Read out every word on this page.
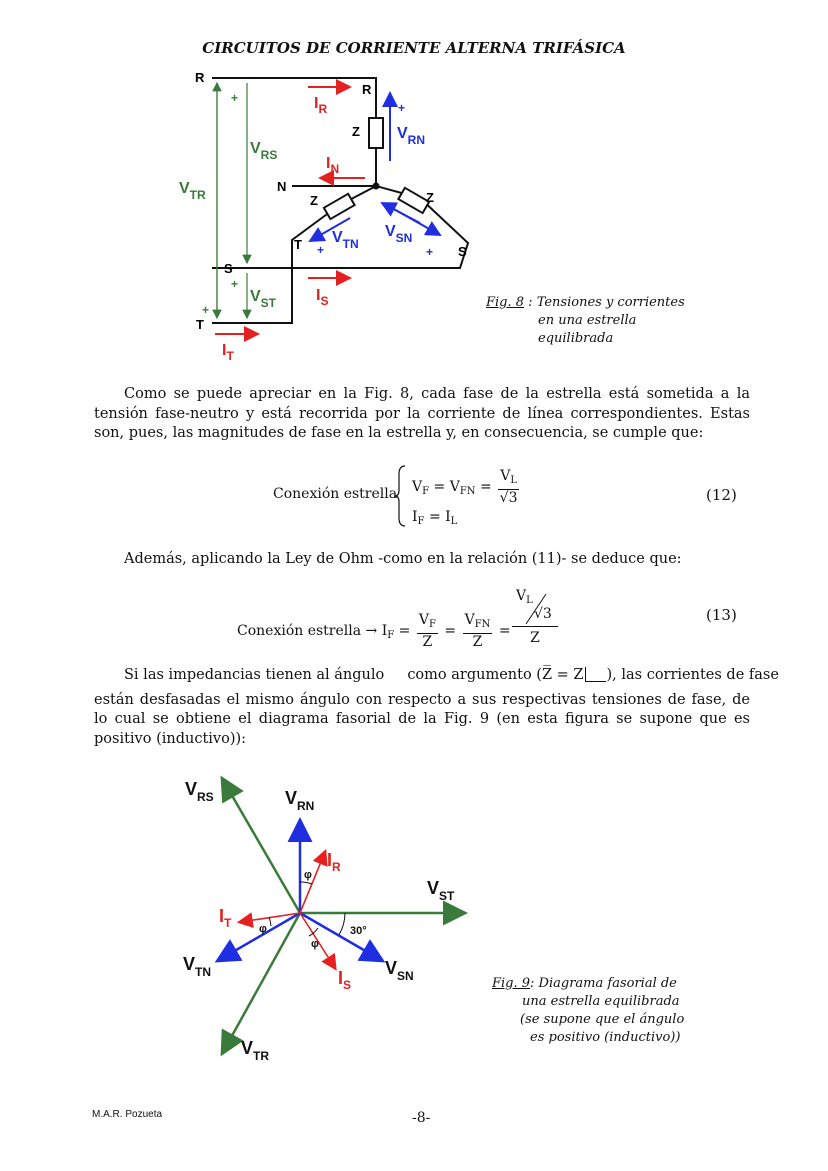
CIRCUITOS DE CORRIENTE ALTERNA TRIFÁSICA
R
R
S
S
T
T
N
Z
Z	Z
+
+
+
+
+	+
$V_{RS}$
$V_{TR}$
$V_{ST}$
$V_{RN}$
$V_{TN}$
$V_{SN}$
$I_R$
$I_N$
$I_S$
$I_T$
Fig. 8 : Tensiones y corrientes
en una estrella
equilibrada
Como se puede apreciar en la Fig. 8, cada fase de la estrella está sometida a la tensión fase-neutro y está recorrida por la corriente de línea correspondientes. Estas son, pues, las magnitudes de fase en la estrella y, en consecuencia, se cumple que:
Conexión estrella $V_F = V_{FN} = \frac{V_L}{√3}$
$I_F = I_L$
(12)
Además, aplicando la Ley de Ohm -como en la relación (11)- se deduce que:
Conexión estrella → $I_F = \frac{V_F}{Z} = \frac{V_{FN}}{Z}$ =
$V_L$
√3
Z
(13)
Si las impedancias tienen al ángulo como argumento (Z̅ = Z ), las corrientes de fase
están desfasadas el mismo ángulo con respecto a sus respectivas tensiones de fase, de lo cual se obtiene el diagrama fasorial de la Fig. 9 (en esta figura se supone que es positivo (inductivo)):
$V_{RS}$	$V_{RN}$
$V_{ST}$
$V_{TN}$	$V_{SN}$
$V_{TR}$
$I_R$
$I_T$
$I_S$
30°
φ
φ
φ
Fig. 9: Diagrama fasorial de
una estrella equilibrada
(se supone que el ángulo
es positivo (inductivo))
M.A.R. Pozueta	-8-
